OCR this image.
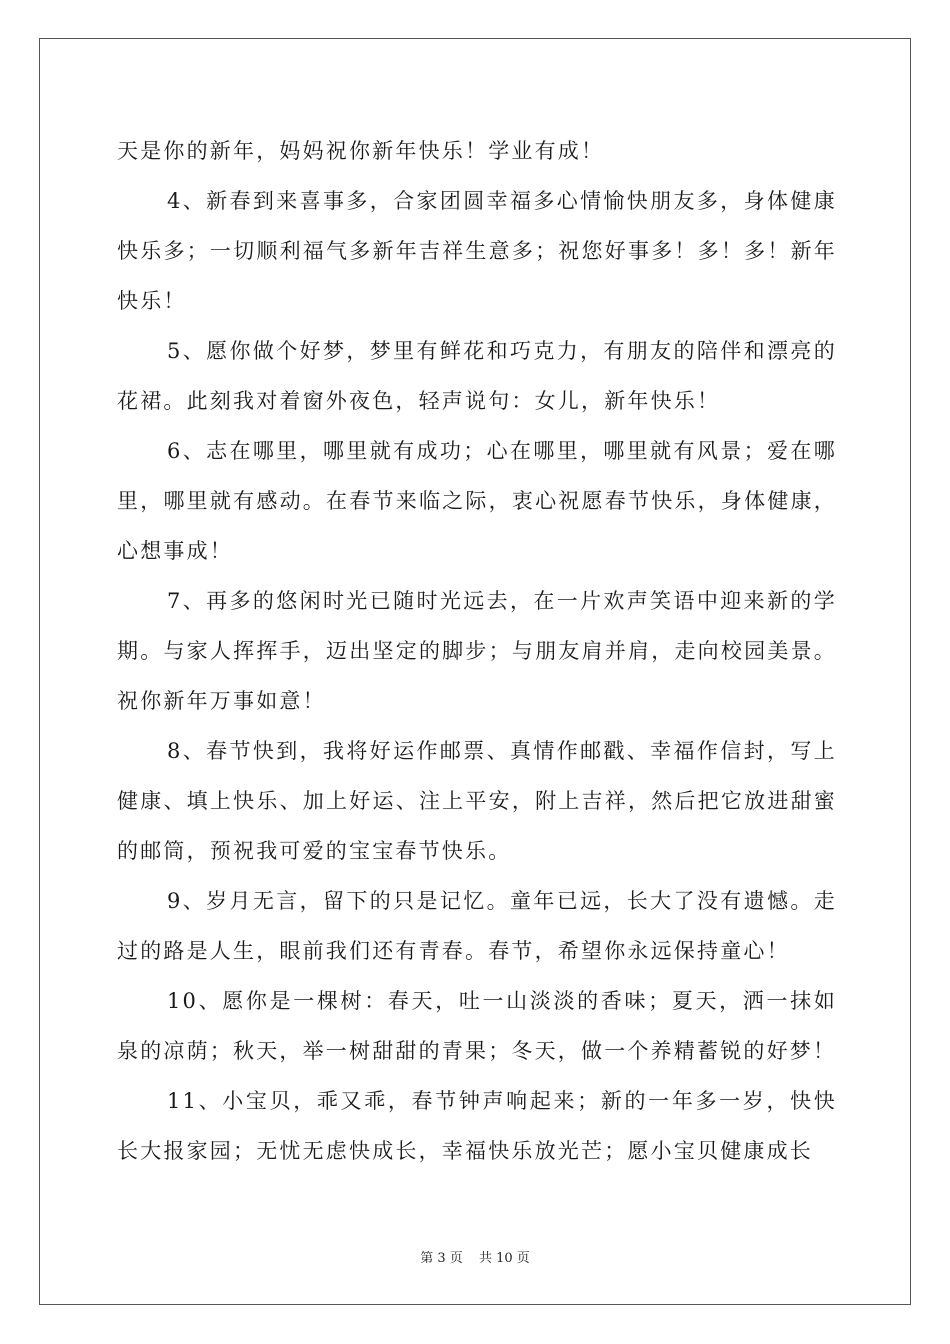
天是你的新年，妈妈祝你新年快乐！学业有成！

4、新春到来喜事多，合家团圆幸福多心情愉快朋友多，身体健康快乐多；一切顺利福气多新年吉祥生意多；祝您好事多！多！多！新年快乐！

5、愿你做个好梦，梦里有鲜花和巧克力，有朋友的陪伴和漂亮的花裙。此刻我对着窗外夜色，轻声说句：女儿，新年快乐！

6、志在哪里，哪里就有成功；心在哪里，哪里就有风景；爱在哪里，哪里就有感动。在春节来临之际，衷心祝愿春节快乐，身体健康，心想事成！

7、再多的悠闲时光已随时光远去，在一片欢声笑语中迎来新的学期。与家人挥挥手，迈出坚定的脚步；与朋友肩并肩，走向校园美景。祝你新年万事如意！

8、春节快到，我将好运作邮票、真情作邮戳、幸福作信封，写上健康、填上快乐、加上好运、注上平安，附上吉祥，然后把它放进甜蜜的邮筒，预祝我可爱的宝宝春节快乐。

9、岁月无言，留下的只是记忆。童年已远，长大了没有遗憾。走过的路是人生，眼前我们还有青春。春节，希望你永远保持童心！

10、愿你是一棵树：春天，吐一山淡淡的香味；夏天，洒一抹如泉的凉荫；秋天，举一树甜甜的青果；冬天，做一个养精蓄锐的好梦！

11、小宝贝，乖又乖，春节钟声响起来；新的一年多一岁，快快长大报家园；无忧无虑快成长，幸福快乐放光芒；愿小宝贝健康成长

第 3 页 共 10 页
